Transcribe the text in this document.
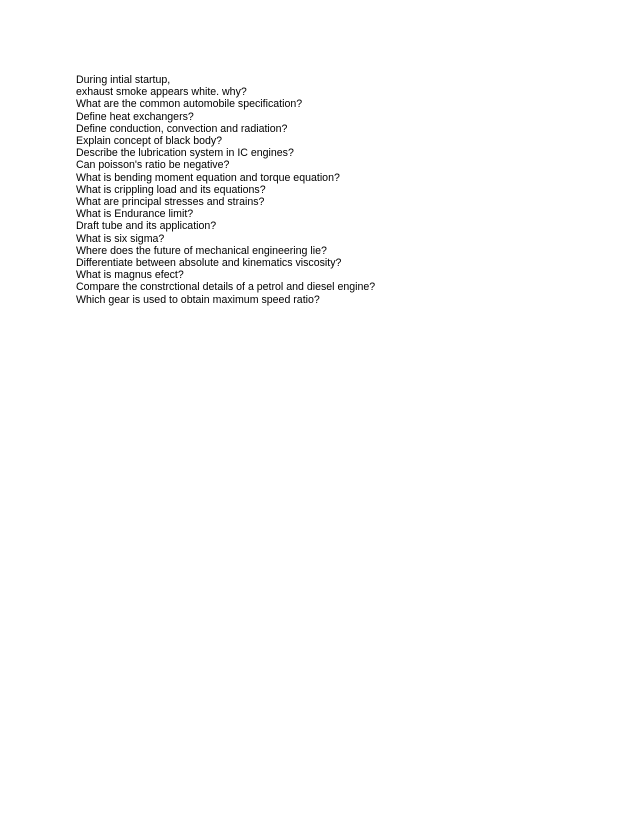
During intial startup,
exhaust smoke appears white. why?
What are the common automobile specification?
Define heat exchangers?
Define conduction, convection and radiation?
Explain concept of black body?
Describe the lubrication system in IC engines?
Can poisson's ratio be negative?
What is bending moment equation and torque equation?
What is crippling load and its equations?
What are principal stresses and strains?
What is Endurance limit?
Draft tube and its application?
What is six sigma?
Where does the future of mechanical engineering lie?
Differentiate between absolute and kinematics viscosity?
What is magnus efect?
Compare the constrctional details of a petrol and diesel engine?
Which gear is used to obtain maximum speed ratio?
